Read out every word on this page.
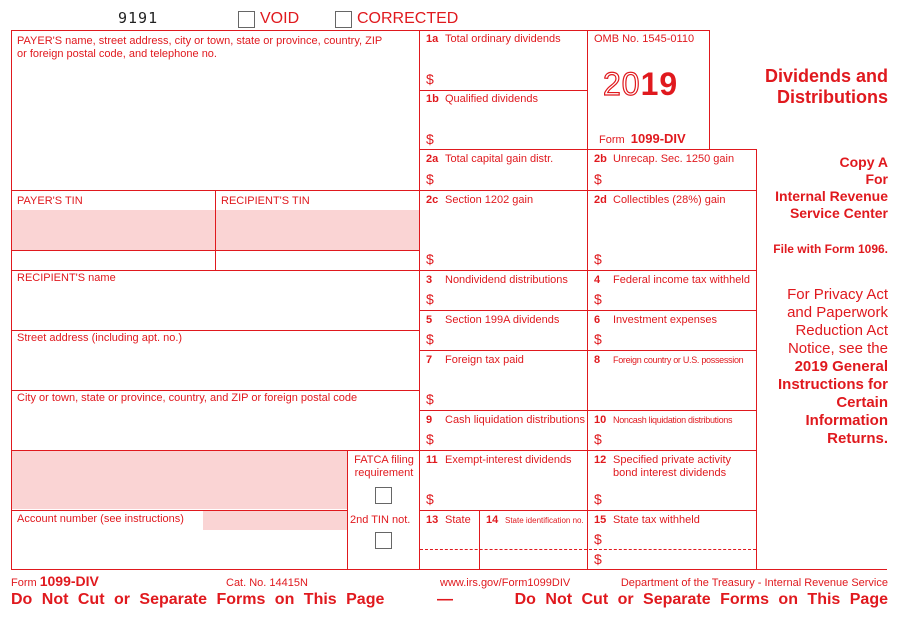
9191	VOID	CORRECTED
PAYER'S name, street address, city or town, state or province, country, ZIP
or foreign postal code, and telephone no.
PAYER'S TIN	RECIPIENT'S TIN
RECIPIENT'S name
Street address (including apt. no.)
City or town, state or province, country, and ZIP or foreign postal code
FATCA filing
requirement
Account number (see instructions)	2nd TIN not.
1a Total ordinary dividends
$
1b Qualified dividends
$
2a Total capital gain distr.
$
2b Unrecap. Sec. 1250 gain
$
2c Section 1202 gain
$
2d Collectibles (28%) gain
$
3 Nondividend distributions
$
4 Federal income tax withheld
$
5 Section 199A dividends
$
6 Investment expenses
$
7 Foreign tax paid
$
8 Foreign country or U.S. possession
9 Cash liquidation distributions
$
10 Noncash liquidation distributions
$
11 Exempt-interest dividends
$
12 Specified private activity
bond interest dividends
$
13 State 14 State identification no. 15 State tax withheld
$
$
OMB No. 1545-0110
2019
Form 1099-DIV
Dividends and
Distributions
Copy A
For
Internal Revenue
Service Center
File with Form 1096.
For Privacy Act
and Paperwork
Reduction Act
Notice, see the
2019 General
Instructions for
Certain
Information
Returns.
Form 1099-DIV	Cat. No. 14415N	www.irs.gov/Form1099DIV	Department of the Treasury - Internal Revenue Service
Do Not Cut or Separate Forms on This Page	—	Do Not Cut or Separate Forms on This Page
